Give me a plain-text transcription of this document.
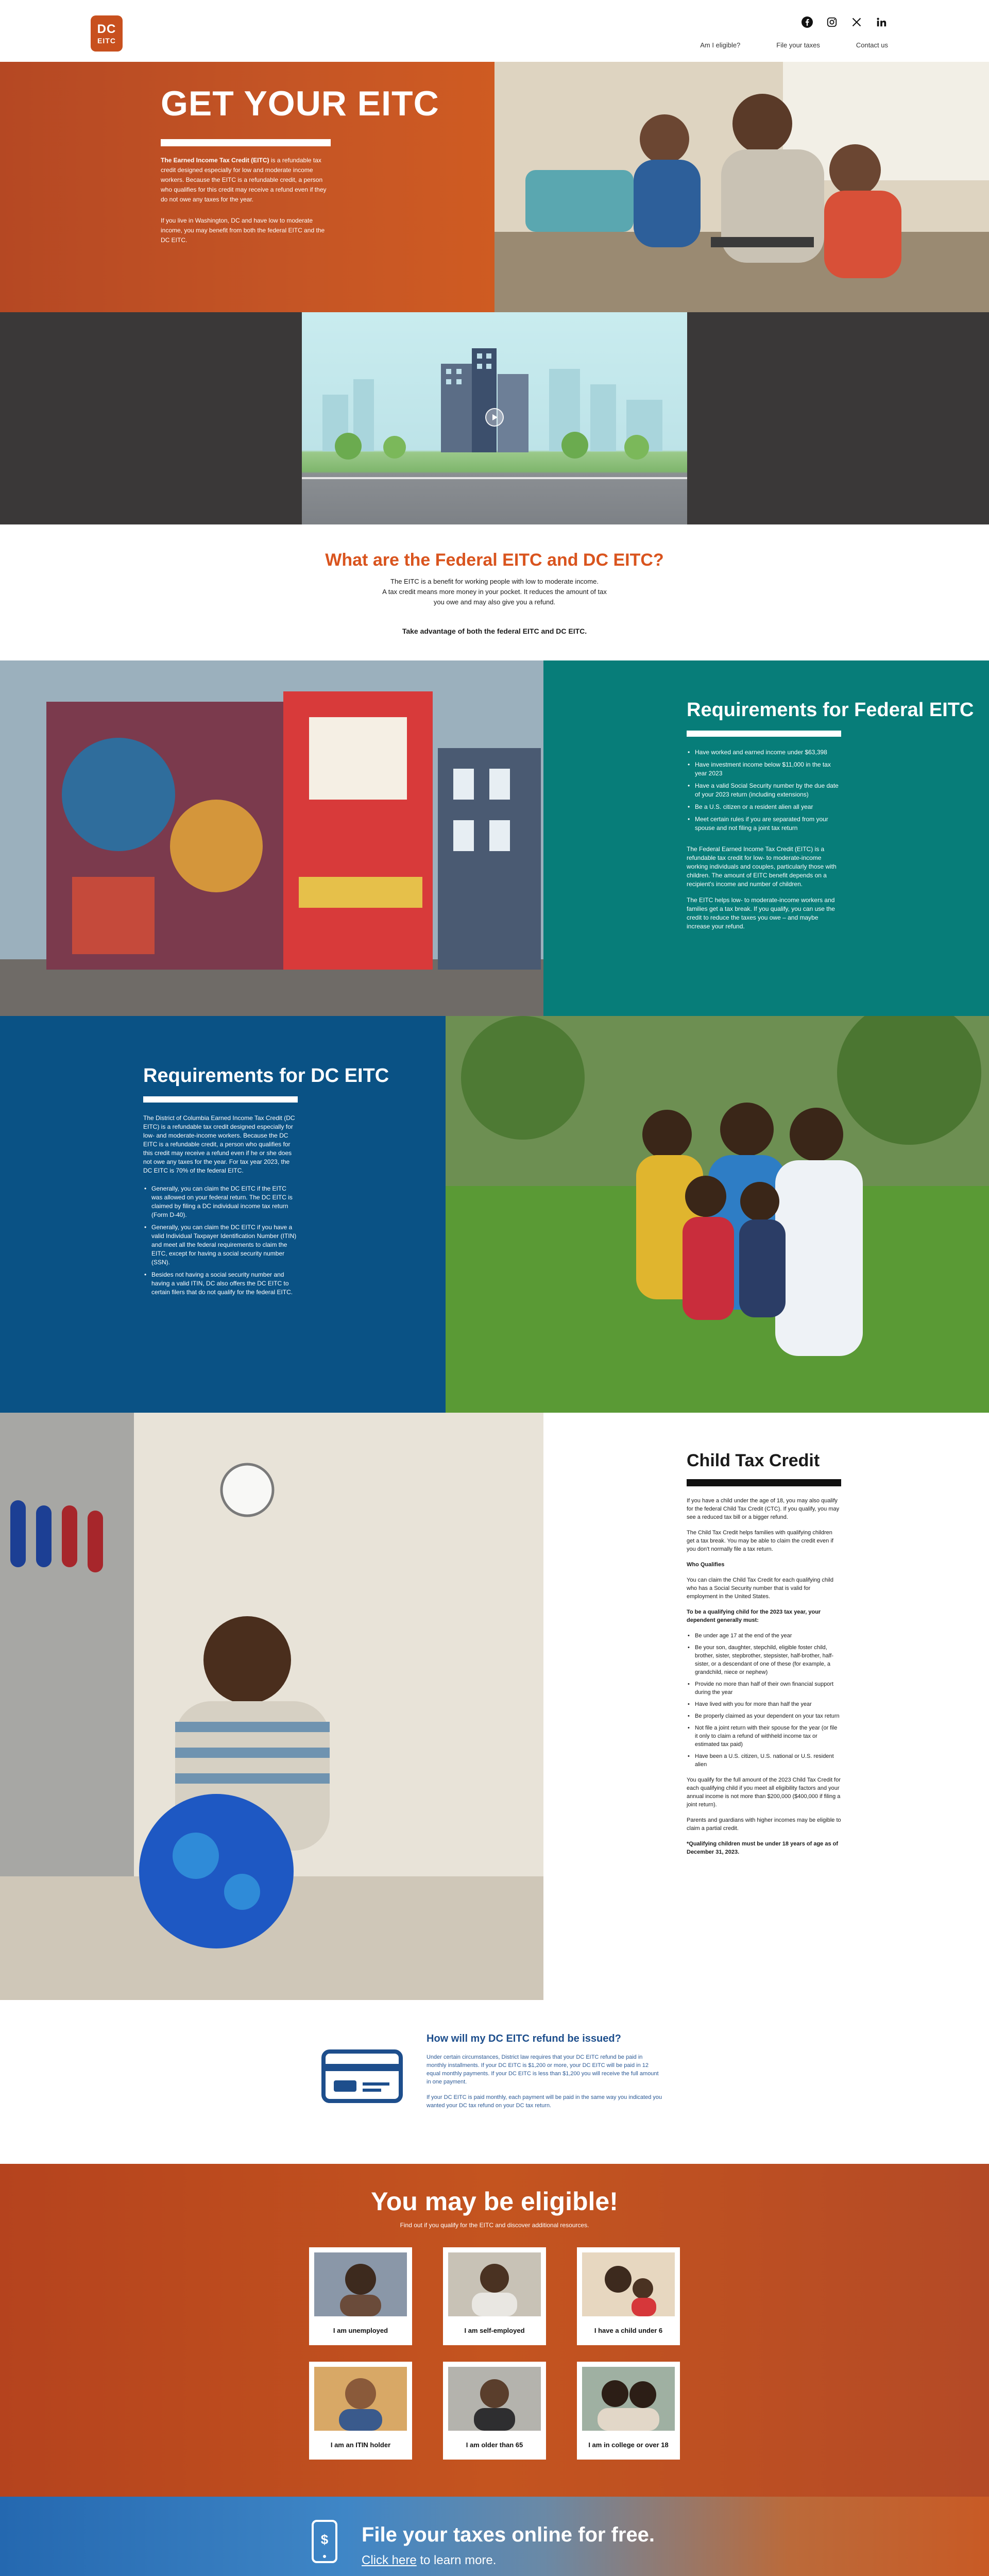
DC
EITC
Am I eligible?	File your taxes	Contact us
GET YOUR EITC

The Earned Income Tax Credit (EITC) is a refundable tax credit designed especially for low and moderate income workers. Because the EITC is a refundable credit, a person who qualifies for this credit may receive a refund even if they do not owe any taxes for the year.

If you live in Washington, DC and have low to moderate income, you may benefit from both the federal EITC and the DC EITC.

What are the Federal EITC and DC EITC?

The EITC is a benefit for working people with low to moderate income.
A tax credit means more money in your pocket. It reduces the amount of tax
you owe and may also give you a refund.

Take advantage of both the federal EITC and DC EITC.

Requirements for Federal EITC
• Have worked and earned income under $63,398
• Have investment income below $11,000 in the tax year 2023
• Have a valid Social Security number by the due date of your 2023 return (including extensions)
• Be a U.S. citizen or a resident alien all year
• Meet certain rules if you are separated from your spouse and not filing a joint tax return

The Federal Earned Income Tax Credit (EITC) is a refundable tax credit for low- to moderate-income working individuals and couples, particularly those with children. The amount of EITC benefit depends on a recipient's income and number of children.

The EITC helps low- to moderate-income workers and families get a tax break. If you qualify, you can use the credit to reduce the taxes you owe – and maybe increase your refund.

Requirements for DC EITC

The District of Columbia Earned Income Tax Credit (DC EITC) is a refundable tax credit designed especially for low- and moderate-income workers. Because the DC EITC is a refundable credit, a person who qualifies for this credit may receive a refund even if he or she does not owe any taxes for the year. For tax year 2023, the DC EITC is 70% of the federal EITC.

• Generally, you can claim the DC EITC if the EITC was allowed on your federal return. The DC EITC is claimed by filing a DC individual income tax return (Form D-40).
• Generally, you can claim the DC EITC if you have a valid Individual Taxpayer Identification Number (ITIN) and meet all the federal requirements to claim the EITC, except for having a social security number (SSN).
• Besides not having a social security number and having a valid ITIN, DC also offers the DC EITC to certain filers that do not qualify for the federal EITC.
Child Tax Credit

If you have a child under the age of 18, you may also qualify for the federal Child Tax Credit (CTC). If you qualify, you may see a reduced tax bill or a bigger refund.

The Child Tax Credit helps families with qualifying children get a tax break. You may be able to claim the credit even if you don't normally file a tax return.

Who Qualifies

You can claim the Child Tax Credit for each qualifying child who has a Social Security number that is valid for employment in the United States.

To be a qualifying child for the 2023 tax year, your dependent generally must:

• Be under age 17 at the end of the year
• Be your son, daughter, stepchild, eligible foster child, brother, sister, stepbrother, stepsister, half-brother, half-sister, or a descendant of one of these (for example, a grandchild, niece or nephew)
• Provide no more than half of their own financial support during the year
• Have lived with you for more than half the year
• Be properly claimed as your dependent on your tax return
• Not file a joint return with their spouse for the year (or file it only to claim a refund of withheld income tax or estimated tax paid)
• Have been a U.S. citizen, U.S. national or U.S. resident alien

You qualify for the full amount of the 2023 Child Tax Credit for each qualifying child if you meet all eligibility factors and your annual income is not more than $200,000 ($400,000 if filing a joint return).

Parents and guardians with higher incomes may be eligible to claim a partial credit.

*Qualifying children must be under 18 years of age as of December 31, 2023.

How will my DC EITC refund be issued?

Under certain circumstances, District law requires that your DC EITC refund be paid in monthly installments. If your DC EITC is $1,200 or more, your DC EITC will be paid in 12 equal monthly payments. If your DC EITC is less than $1,200 you will receive the full amount in one payment.

If your DC EITC is paid monthly, each payment will be paid in the same way you indicated you wanted your DC tax refund on your DC tax return.

You may be eligible!

Find out if you qualify for the EITC and discover additional resources.

I am unemployed	I am self-employed	I have a child under 6
I am an ITIN holder	I am older than 65	I am in college or over 18
$ File your taxes online for free.

Click here to learn more.
